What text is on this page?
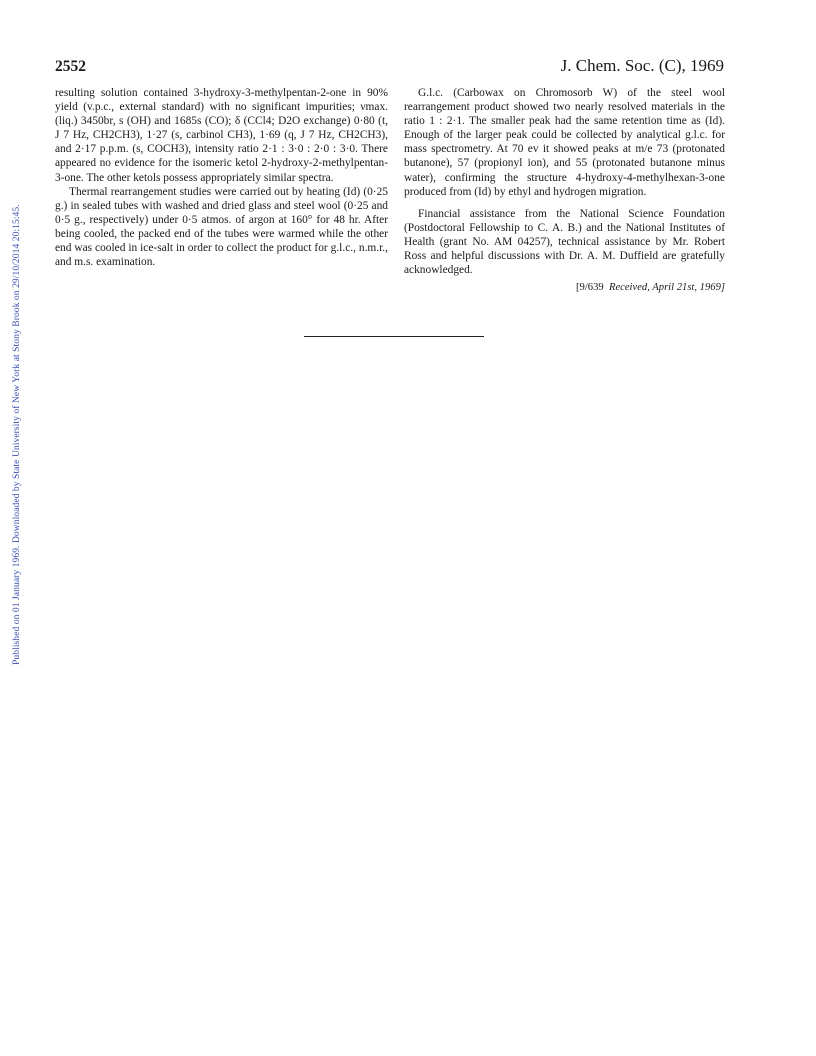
Published on 01 January 1969. Downloaded by State University of New York at Stony Brook on 29/10/2014 20:15:45.
2552	J. Chem. Soc. (C), 1969

resulting solution contained 3-hydroxy-3-methylpentan-2-one in 90% yield (v.p.c., external standard) with no significant impurities; νmax. (liq.) 3450br, s (OH) and 1685s (CO); δ (CCl4; D2O exchange) 0·80 (t, J 7 Hz, CH2CH3), 1·27 (s, carbinol CH3), 1·69 (q, J 7 Hz, CH2CH3), and 2·17 p.p.m. (s, COCH3), intensity ratio 2·1 : 3·0 : 2·0 : 3·0. There appeared no evidence for the isomeric ketol 2-hydroxy-2-methylpentan-3-one. The other ketols possess appropriately similar spectra.

Thermal rearrangement studies were carried out by heating (Id) (0·25 g.) in sealed tubes with washed and dried glass and steel wool (0·25 and 0·5 g., respectively) under 0·5 atmos. of argon at 160° for 48 hr. After being cooled, the packed end of the tubes were warmed while the other end was cooled in ice-salt in order to collect the product for g.l.c., n.m.r., and m.s. examination.

G.l.c. (Carbowax on Chromosorb W) of the steel wool rearrangement product showed two nearly resolved materials in the ratio 1 : 2·1. The smaller peak had the same retention time as (Id). Enough of the larger peak could be collected by analytical g.l.c. for mass spectrometry. At 70 ev it showed peaks at m/e 73 (protonated butanone), 57 (propionyl ion), and 55 (protonated butanone minus water), confirming the structure 4-hydroxy-4-methylhexan-3-one produced from (Id) by ethyl and hydrogen migration.

Financial assistance from the National Science Foundation (Postdoctoral Fellowship to C. A. B.) and the National Institutes of Health (grant No. AM 04257), technical assistance by Mr. Robert Ross and helpful discussions with Dr. A. M. Duffield are gratefully acknowledged.

[9/639 Received, April 21st, 1969]
